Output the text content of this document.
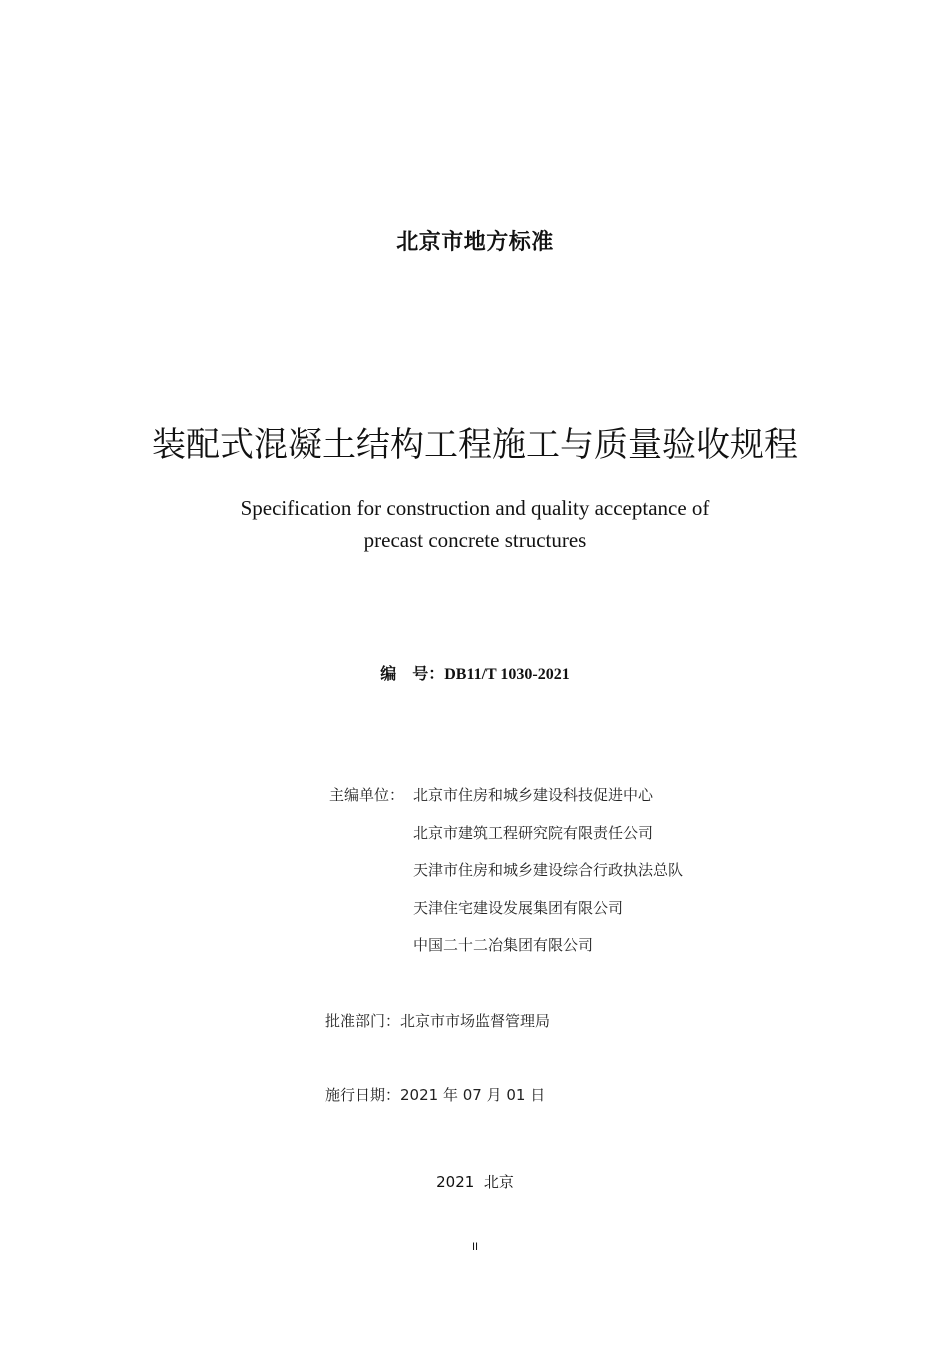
北京市地方标准
装配式混凝土结构工程施工与质量验收规程
Specification for construction and quality acceptance of
precast concrete structures
编　号：DB11/T 1030-2021
主编单位： 北京市住房和城乡建设科技促进中心
北京市建筑工程研究院有限责任公司
天津市住房和城乡建设综合行政执法总队
天津住宅建设发展集团有限公司
中国二十二冶集团有限公司
批准部门：北京市市场监督管理局
施行日期：2021 年 07 月 01 日
2021  北京
II
